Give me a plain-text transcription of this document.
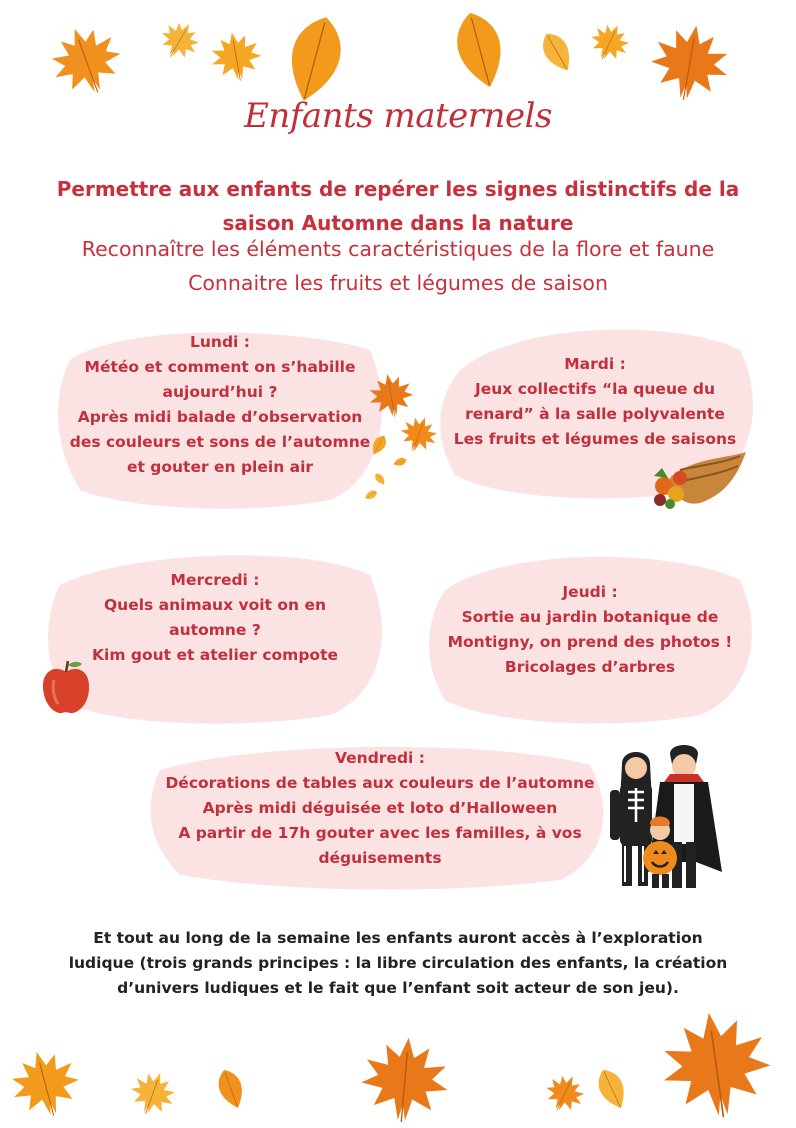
Enfants maternels
Permettre aux enfants de repérer les signes distinctifs de la
saison Automne dans la nature
Reconnaître les éléments caractéristiques de la flore et faune
Connaitre les fruits et légumes de saison
Lundi :
Météo et comment on s’habille
aujourd’hui ?
Après midi balade d’observation
des couleurs et sons de l’automne
et gouter en plein air
Mardi :
Jeux collectifs “la queue du
renard” à la salle polyvalente
Les fruits et légumes de saisons
Mercredi :
Quels animaux voit on en
automne ?
Kim gout et atelier compote
Jeudi :
Sortie au jardin botanique de
Montigny, on prend des photos !
Bricolages d’arbres
Vendredi :
Décorations de tables aux couleurs de l’automne
Après midi déguisée et loto d’Halloween
A partir de 17h gouter avec les familles, à vos
déguisements
Et tout au long de la semaine les enfants auront accès à l’exploration
ludique (trois grands principes : la libre circulation des enfants, la création
d’univers ludiques et le fait que l’enfant soit acteur de son jeu).
